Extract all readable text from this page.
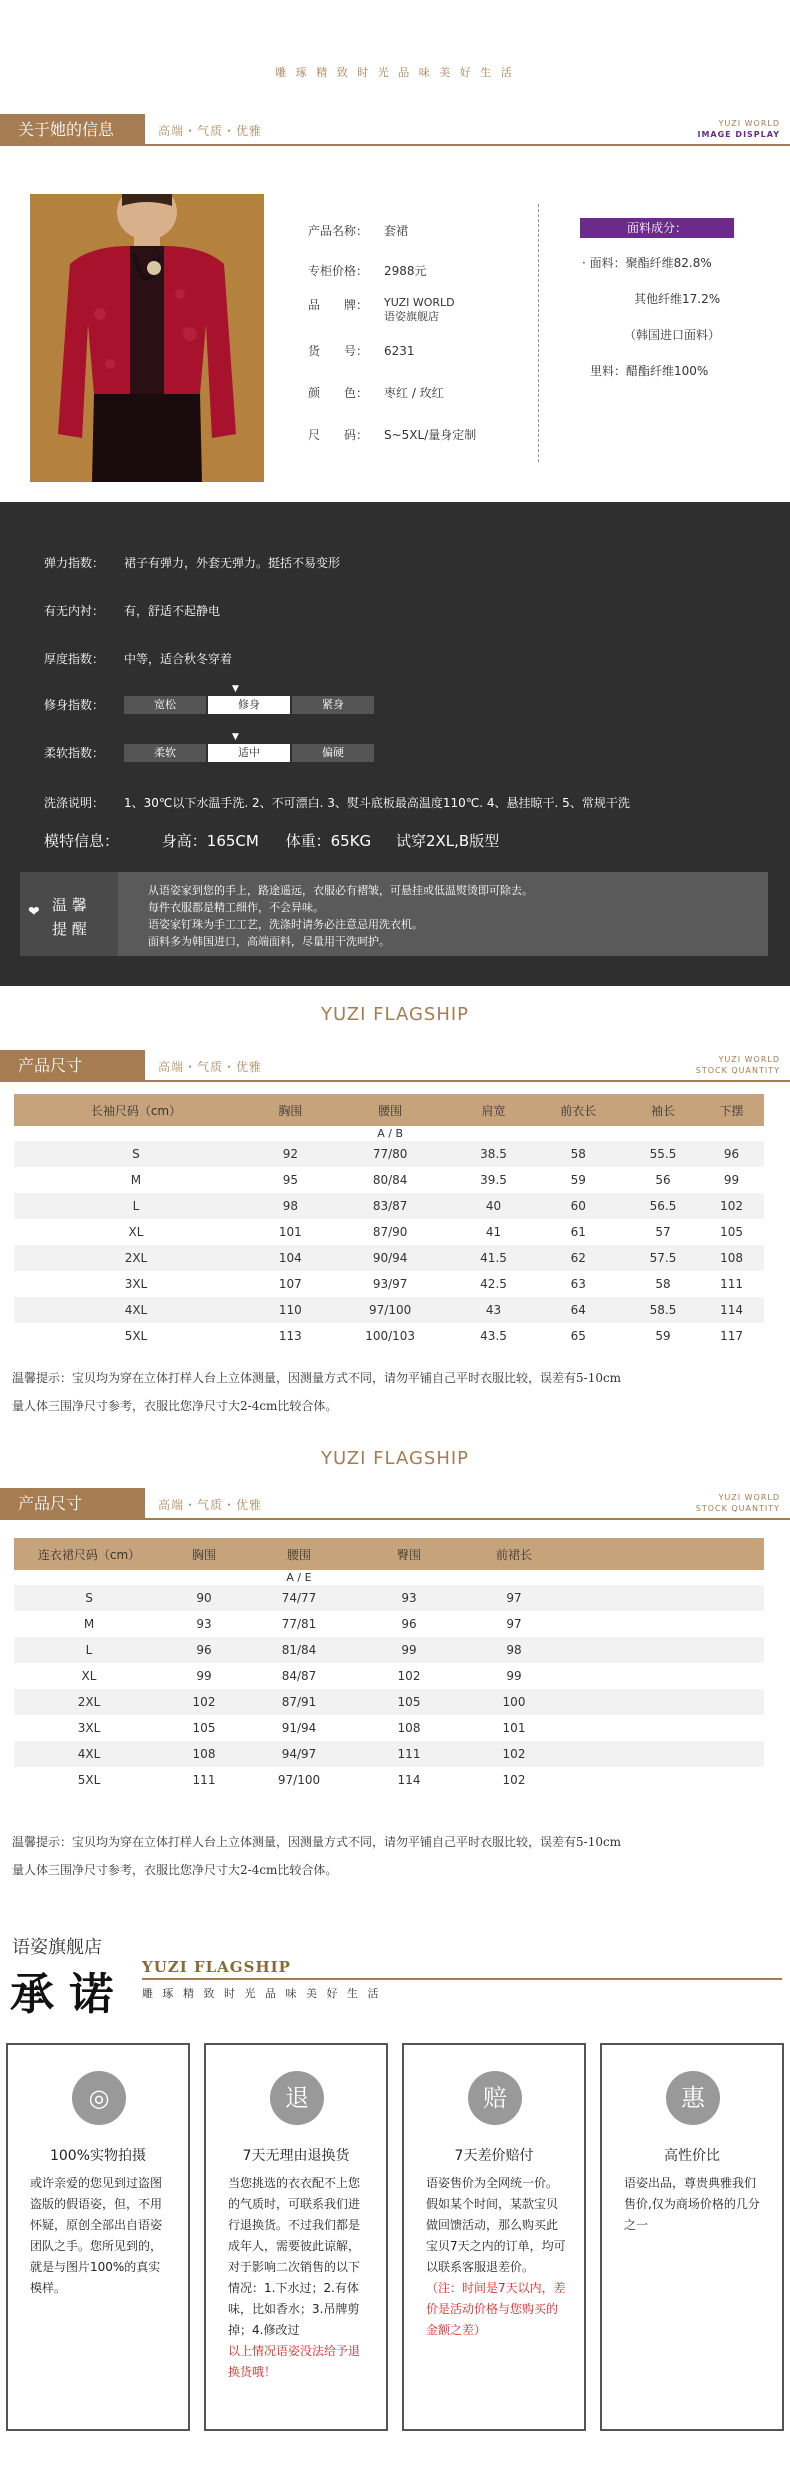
雕 琢 精 致 时 光 品 味 美 好 生 活
关于她的信息	高端・气质・优雅
YUZI WORLD
IMAGE DISPLAY
产品名称： 套裙
专柜价格： 2988元
品　　牌： YUZI WORLD
语姿旗舰店
货　　号： 6231
颜　　色： 枣红 / 玫红
尺　　码： S~5XL/量身定制
面料成分：
· 面料：聚酯纤维82.8%
其他纤维17.2%
（韩国进口面料）
里料：醋酯纤维100%
弹力指数： 裙子有弹力，外套无弹力。挺括不易变形
有无内衬： 有，舒适不起静电
厚度指数： 中等，适合秋冬穿着
▼
修身指数：	宽松	修身	紧身
▼
柔软指数：	柔软	适中	偏硬
洗涤说明： 1、30℃以下水温手洗. 2、不可漂白. 3、熨斗底板最高温度110℃. 4、悬挂晾干. 5、常规干洗
模特信息：	身高：165CM 体重：65KG 试穿2XL,B版型
❤ 温 馨
提 醒
从语姿家到您的手上，路途遥远，衣服必有褶皱，可悬挂或低温熨烫即可除去。
每件衣服都是精工细作，不会异味。
语姿家钉珠为手工工艺，洗涤时请务必注意忌用洗衣机。
面料多为韩国进口，高端面料，尽量用干洗呵护。
YUZI FLAGSHIP
产品尺寸	高端・气质・优雅
YUZI WORLD
STOCK QUANTITY
长袖尺码（cm）	胸围	腰围	肩宽	前衣长	袖长	下摆
		A / B				
S	92	77/80	38.5	58	55.5	96
M	95	80/84	39.5	59	56	99
L	98	83/87	40	60	56.5	102
XL	101	87/90	41	61	57	105
2XL	104	90/94	41.5	62	57.5	108
3XL	107	93/97	42.5	63	58	111
4XL	110	97/100	43	64	58.5	114
5XL	113	100/103	43.5	65	59	117
温馨提示：宝贝均为穿在立体打样人台上立体测量，因测量方式不同，请勿平铺自己平时衣服比较，误差有5-10cm
量人体三围净尺寸参考，衣服比您净尺寸大2-4cm比较合体。
YUZI FLAGSHIP
产品尺寸	高端・气质・优雅
YUZI WORLD
STOCK QUANTITY
连衣裙尺码（cm）	胸围	腰围	臀围	前裙长	
		A / E			
S	90	74/77	93	97	
M	93	77/81	96	97	
L	96	81/84	99	98	
XL	99	84/87	102	99	
2XL	102	87/91	105	100	
3XL	105	91/94	108	101	
4XL	108	94/97	111	102	
5XL	111	97/100	114	102	
温馨提示：宝贝均为穿在立体打样人台上立体测量，因测量方式不同，请勿平铺自己平时衣服比较，误差有5-10cm
量人体三围净尺寸参考，衣服比您净尺寸大2-4cm比较合体。
语姿旗舰店
承 诺
YUZI FLAGSHIP
雕 琢 精 致 时 光 品 味 美 好 生 活
◎
100%实物拍摄
或许亲爱的您见到过盗图盗版的假语姿，但，不用怀疑，原创全部出自语姿团队之手。您所见到的，就是与图片100%的真实模样。
退
7天无理由退换货
当您挑选的衣衣配不上您的气质时，可联系我们进行退换货。不过我们都是成年人，需要彼此谅解，对于影响二次销售的以下情况：1.下水过；2.有体味，比如香水；3.吊牌剪掉；4.修改过
以上情况语姿没法给予退换货哦！
赔
7天差价赔付
语姿售价为全网统一价。假如某个时间，某款宝贝做回馈活动，那么购买此宝贝7天之内的订单，均可以联系客服退差价。
（注：时间是7天以内，差价是活动价格与您购买的金额之差）
惠
高性价比
语姿出品，尊贵典雅我们售价,仅为商场价格的几分之一
